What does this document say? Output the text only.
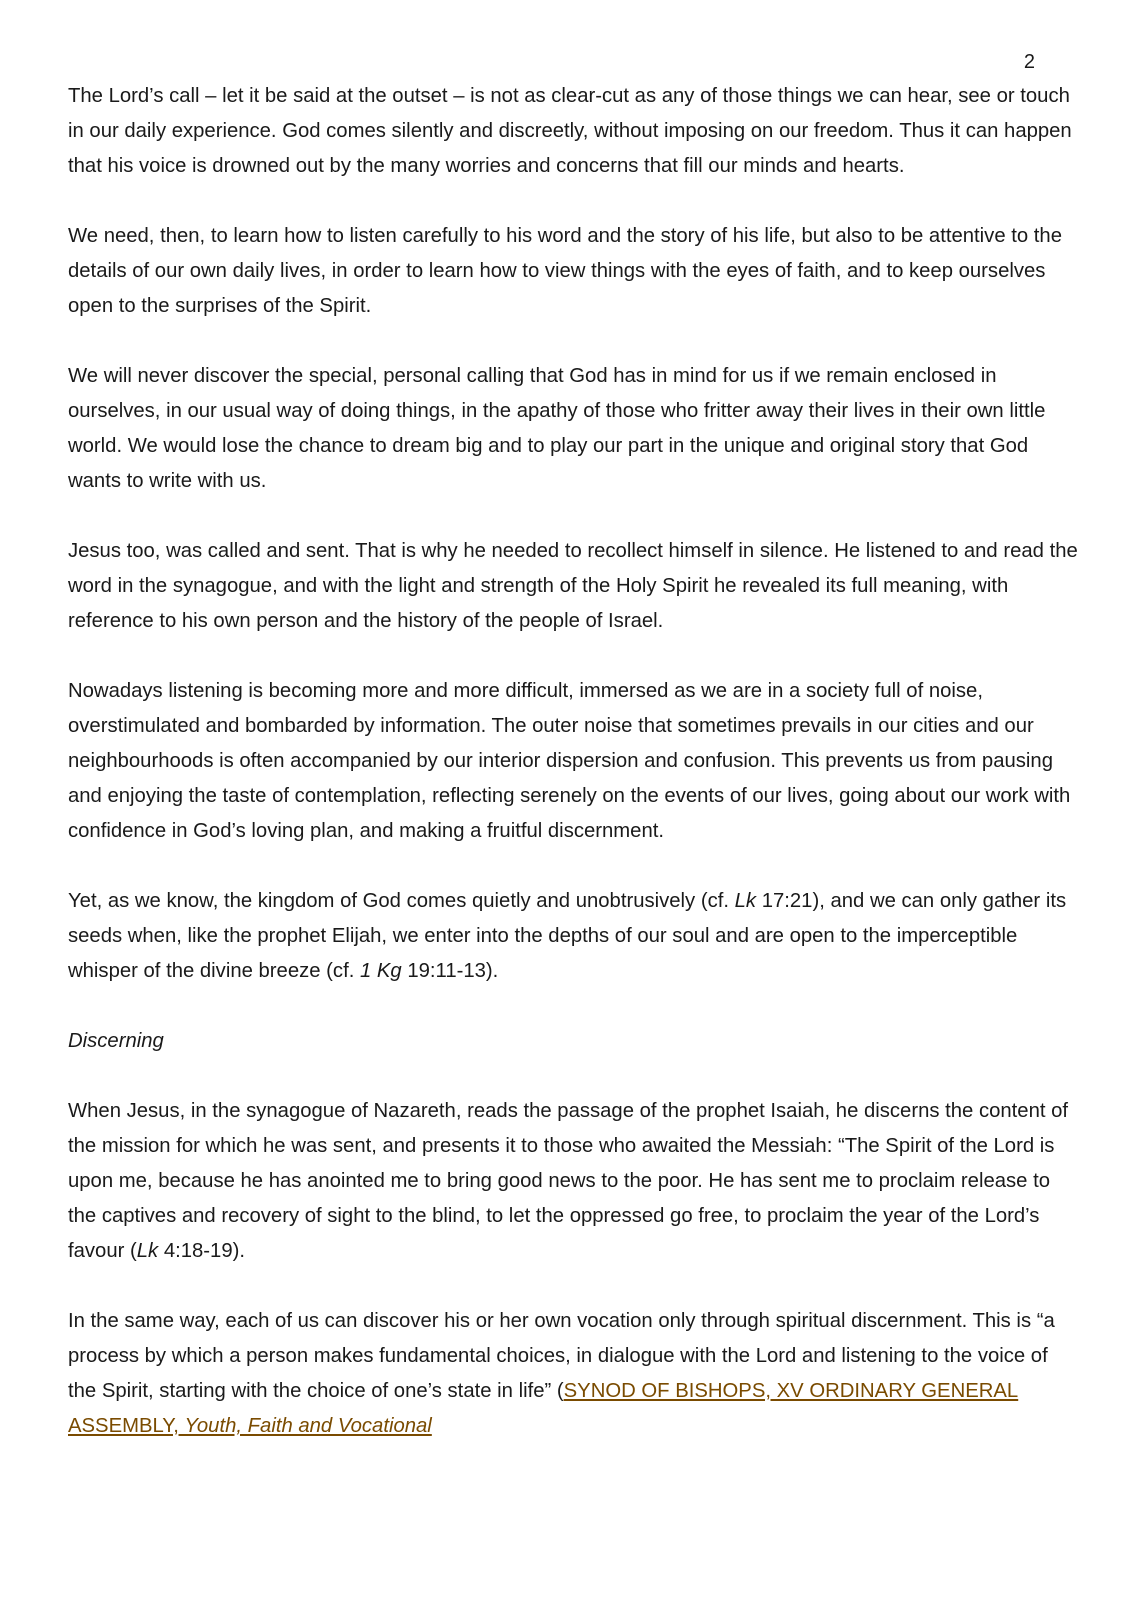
2

The Lord’s call – let it be said at the outset – is not as clear-cut as any of those things we can hear, see or touch in our daily experience. God comes silently and discreetly, without imposing on our freedom. Thus it can happen that his voice is drowned out by the many worries and concerns that fill our minds and hearts.

We need, then, to learn how to listen carefully to his word and the story of his life, but also to be attentive to the details of our own daily lives, in order to learn how to view things with the eyes of faith, and to keep ourselves open to the surprises of the Spirit.

We will never discover the special, personal calling that God has in mind for us if we remain enclosed in ourselves, in our usual way of doing things, in the apathy of those who fritter away their lives in their own little world. We would lose the chance to dream big and to play our part in the unique and original story that God wants to write with us.

Jesus too, was called and sent. That is why he needed to recollect himself in silence. He listened to and read the word in the synagogue, and with the light and strength of the Holy Spirit he revealed its full meaning, with reference to his own person and the history of the people of Israel.

Nowadays listening is becoming more and more difficult, immersed as we are in a society full of noise, overstimulated and bombarded by information. The outer noise that sometimes prevails in our cities and our neighbourhoods is often accompanied by our interior dispersion and confusion. This prevents us from pausing and enjoying the taste of contemplation, reflecting serenely on the events of our lives, going about our work with confidence in God’s loving plan, and making a fruitful discernment.

Yet, as we know, the kingdom of God comes quietly and unobtrusively (cf. Lk 17:21), and we can only gather its seeds when, like the prophet Elijah, we enter into the depths of our soul and are open to the imperceptible whisper of the divine breeze (cf. 1 Kg 19:11-13).

Discerning

When Jesus, in the synagogue of Nazareth, reads the passage of the prophet Isaiah, he discerns the content of the mission for which he was sent, and presents it to those who awaited the Messiah: “The Spirit of the Lord is upon me, because he has anointed me to bring good news to the poor. He has sent me to proclaim release to the captives and recovery of sight to the blind, to let the oppressed go free, to proclaim the year of the Lord’s favour (Lk 4:18-19).

In the same way, each of us can discover his or her own vocation only through spiritual discernment. This is “a process by which a person makes fundamental choices, in dialogue with the Lord and listening to the voice of the Spirit, starting with the choice of one’s state in life” (SYNOD OF BISHOPS, XV ORDINARY GENERAL ASSEMBLY, Youth, Faith and Vocational
